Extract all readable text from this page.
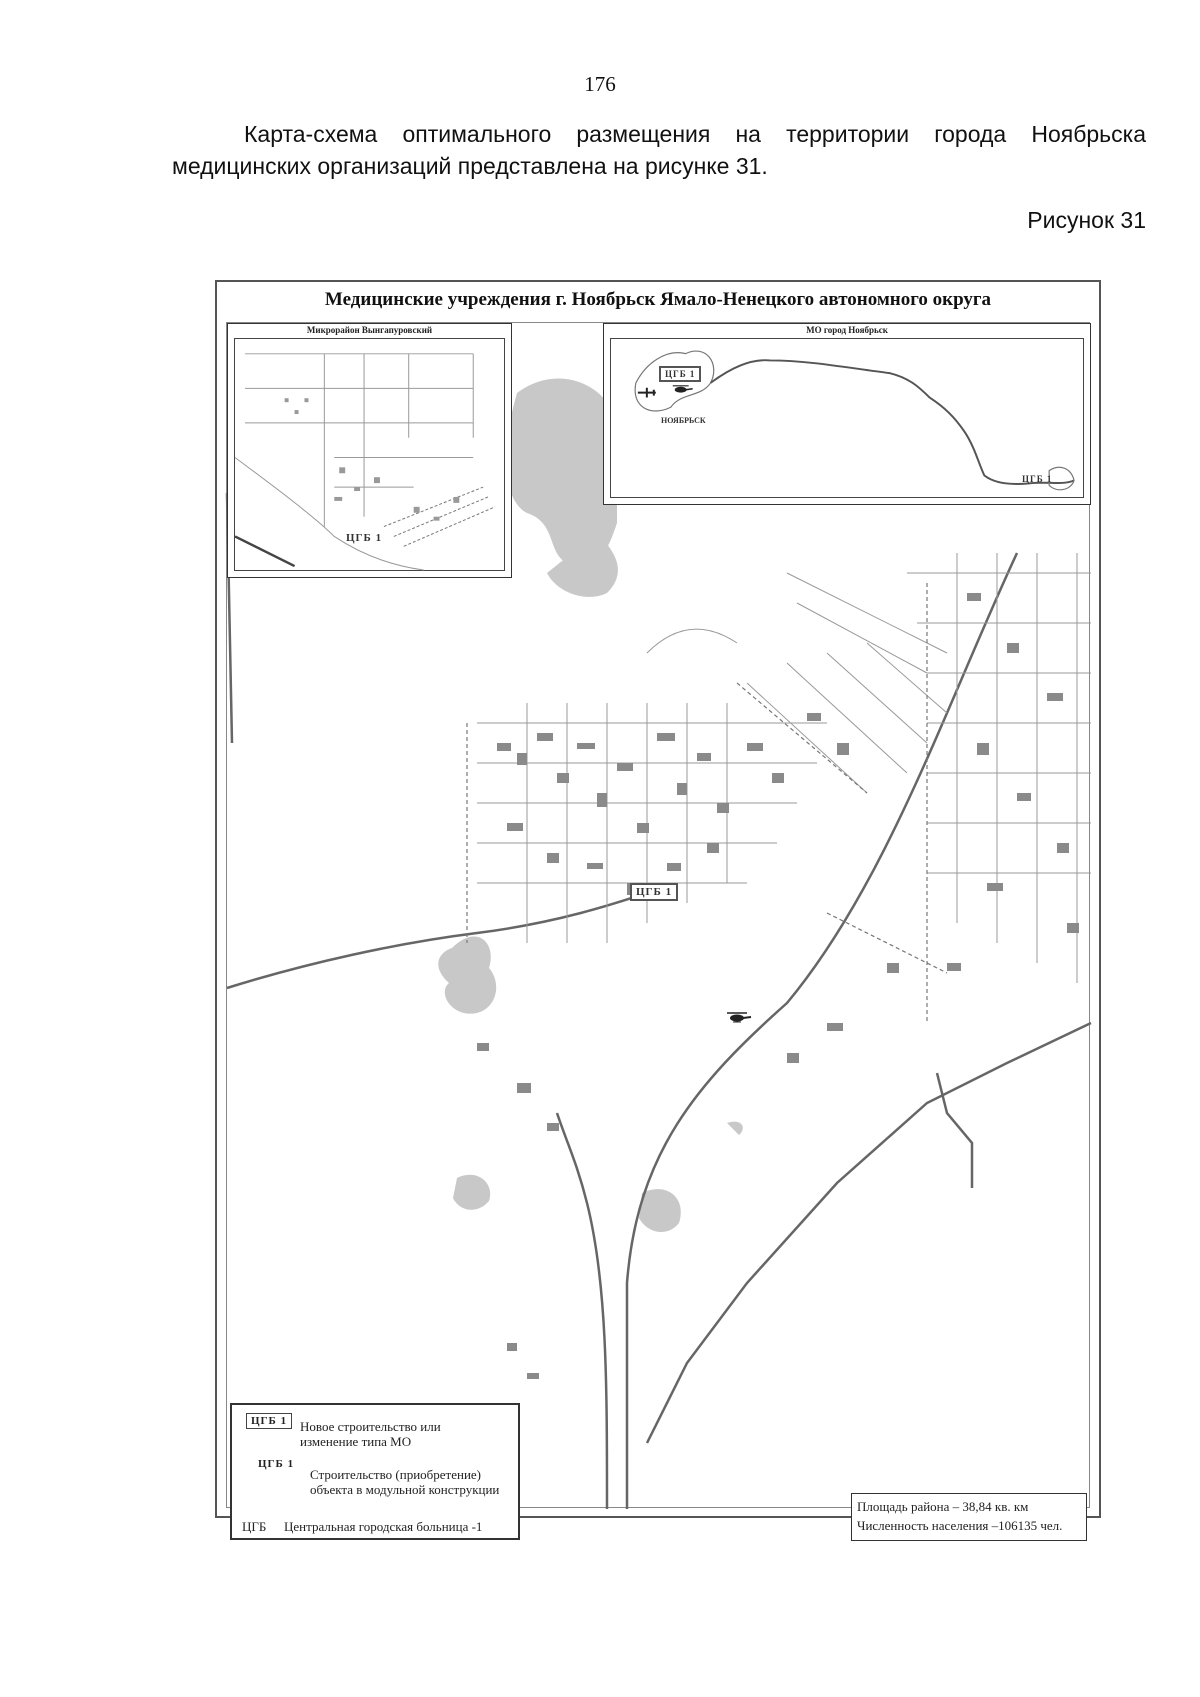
176

Карта-схема оптимального размещения на территории города Ноябрьска медицинских организаций представлена на рисунке 31.

Рисунок 31
Медицинские учреждения г. Ноябрьск Ямало-Ненецкого автономного округа
Микрорайон Вынгапуровский
ЦГБ 1
МО город Ноябрьск
ЦГБ 1
НОЯБРЬСК
ЦГБ 1
ЦГБ 1
ЦГБ 1 Новое строительство или изменение типа МО
ЦГБ 1
Строительство (приобретение) объекта в модульной конструкции
ЦГБ Центральная городская больница -1
Площадь района – 38,84 кв. км
Численность населения –106135 чел.
